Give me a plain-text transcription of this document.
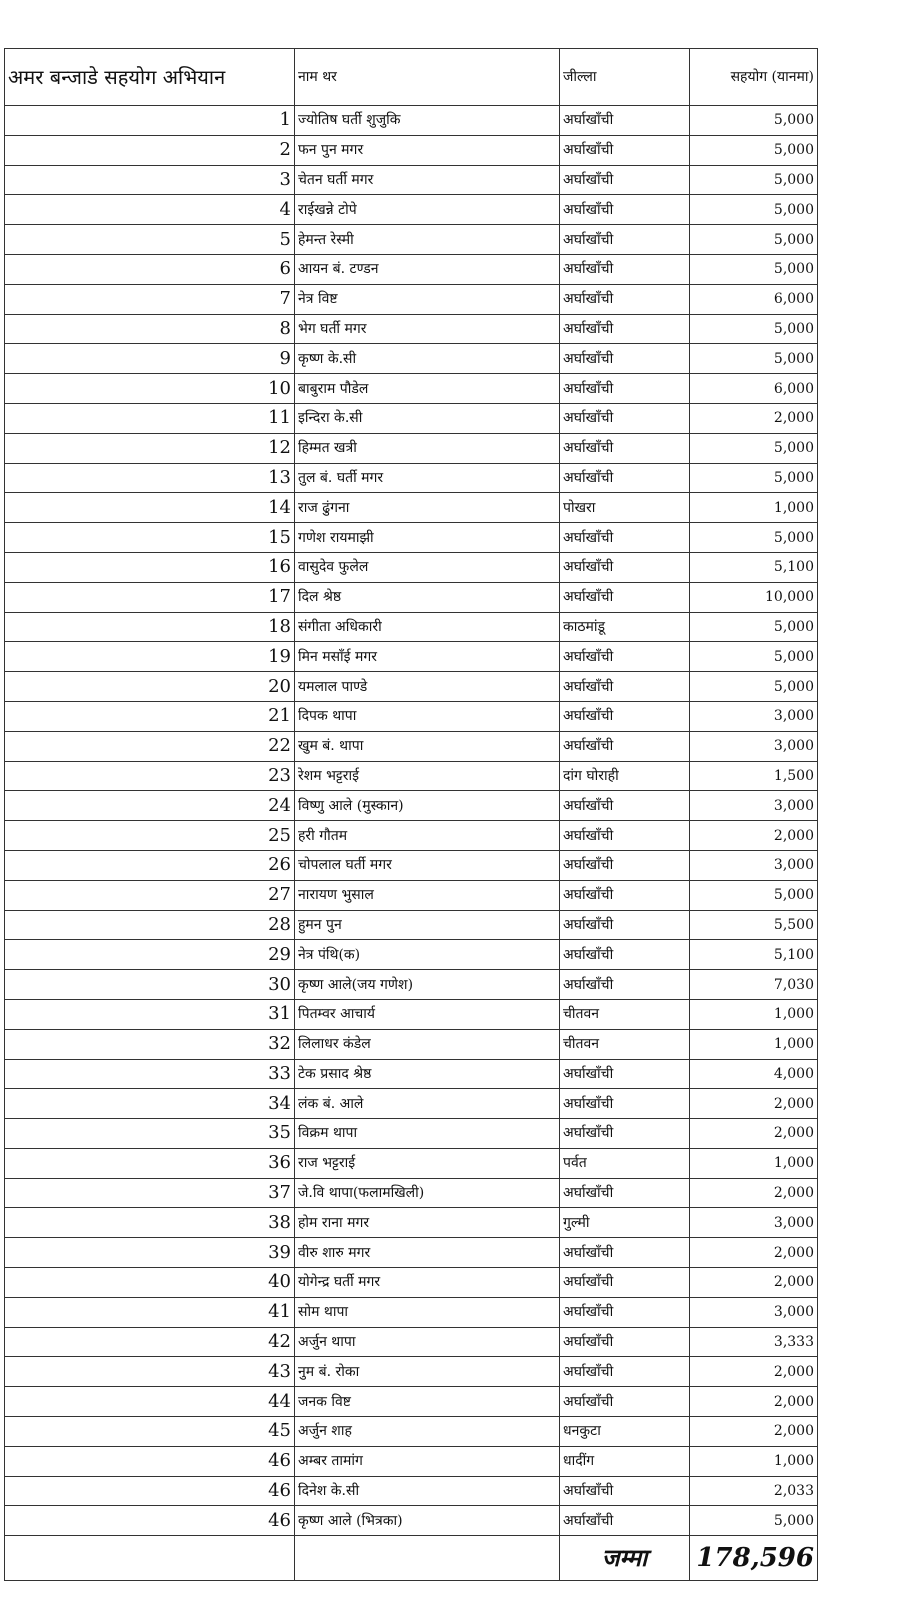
अमर बन्जाडे सहयोग अभियान	नाम थर	जील्ला	सहयोग (यानमा)
1	ज्योतिष घर्ती शुजुकि	अर्घाखाँची	5,000
2	फन पुन मगर	अर्घाखाँची	5,000
3	चेतन घर्ती मगर	अर्घाखाँची	5,000
4	राईखन्ने टोपे	अर्घाखाँची	5,000
5	हेमन्त रेस्मी	अर्घाखाँची	5,000
6	आयन बं. टण्डन	अर्घाखाँची	5,000
7	नेत्र विष्ट	अर्घाखाँची	6,000
8	भेग घर्ती मगर	अर्घाखाँची	5,000
9	कृष्ण के.सी	अर्घाखाँची	5,000
10	बाबुराम पौडेल	अर्घाखाँची	6,000
11	इन्दिरा के.सी	अर्घाखाँची	2,000
12	हिम्मत खत्री	अर्घाखाँची	5,000
13	तुल बं. घर्ती मगर	अर्घाखाँची	5,000
14	राज ढुंगना	पोखरा	1,000
15	गणेश रायमाझी	अर्घाखाँची	5,000
16	वासुदेव फुलेल	अर्घाखाँची	5,100
17	दिल श्रेष्ठ	अर्घाखाँची	10,000
18	संगीता अधिकारी	काठमांडू	5,000
19	मिन मसाँई मगर	अर्घाखाँची	5,000
20	यमलाल पाण्डे	अर्घाखाँची	5,000
21	दिपक थापा	अर्घाखाँची	3,000
22	खुम बं. थापा	अर्घाखाँची	3,000
23	रेशम भट्टराई	दांग घोराही	1,500
24	विष्णु आले (मुस्कान)	अर्घाखाँची	3,000
25	हरी गौतम	अर्घाखाँची	2,000
26	चोपलाल घर्ती मगर	अर्घाखाँची	3,000
27	नारायण भुसाल	अर्घाखाँची	5,000
28	हुमन पुन	अर्घाखाँची	5,500
29	नेत्र पंथि(क)	अर्घाखाँची	5,100
30	कृष्ण आले(जय गणेश)	अर्घाखाँची	7,030
31	पितम्वर आचार्य	चीतवन	1,000
32	लिलाधर कंडेल	चीतवन	1,000
33	टेक प्रसाद श्रेष्ठ	अर्घाखाँची	4,000
34	लंक बं. आले	अर्घाखाँची	2,000
35	विक्रम थापा	अर्घाखाँची	2,000
36	राज भट्टराई	पर्वत	1,000
37	जे.वि थापा(फलामखिली)	अर्घाखाँची	2,000
38	होम राना मगर	गुल्मी	3,000
39	वीरु शारु मगर	अर्घाखाँची	2,000
40	योगेन्द्र घर्ती मगर	अर्घाखाँची	2,000
41	सोम थापा	अर्घाखाँची	3,000
42	अर्जुन थापा	अर्घाखाँची	3,333
43	नुम बं. रोका	अर्घाखाँची	2,000
44	जनक विष्ट	अर्घाखाँची	2,000
45	अर्जुन शाह	धनकुटा	2,000
46	अम्बर तामांग	धादींग	1,000
46	दिनेश के.सी	अर्घाखाँची	2,033
46	कृष्ण आले (भित्रका)	अर्घाखाँची	5,000
		जम्मा	178,596
